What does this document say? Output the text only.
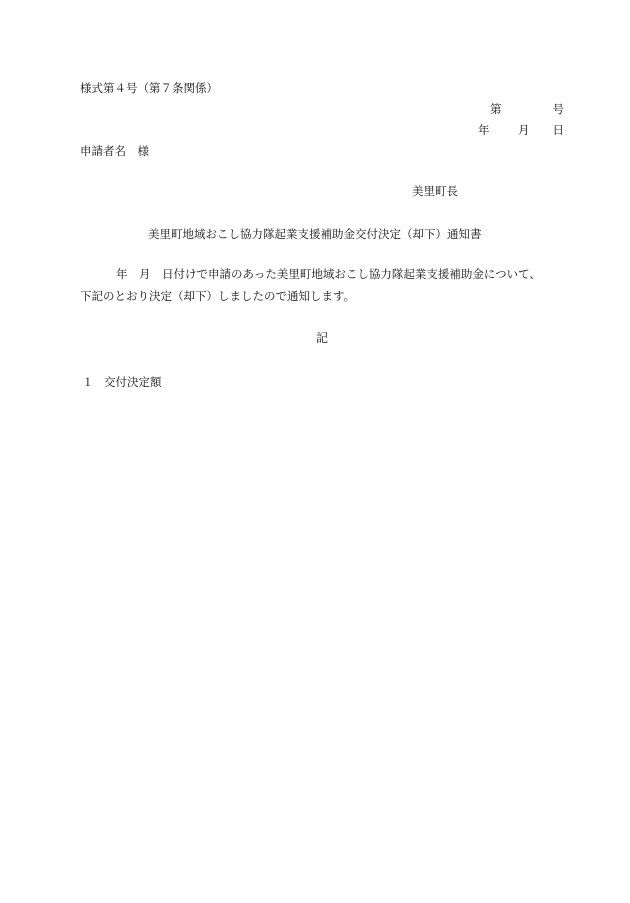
様式第４号（第７条関係）
第	号
年 月 日
申請者名　様
美里町長
美里町地域おこし協力隊起業支援補助金交付決定（却下）通知書
年　月　日付けで申請のあった美里町地域おこし協力隊起業支援補助金について、
下記のとおり決定（却下）しましたので通知します。
記
１ 交付決定額
